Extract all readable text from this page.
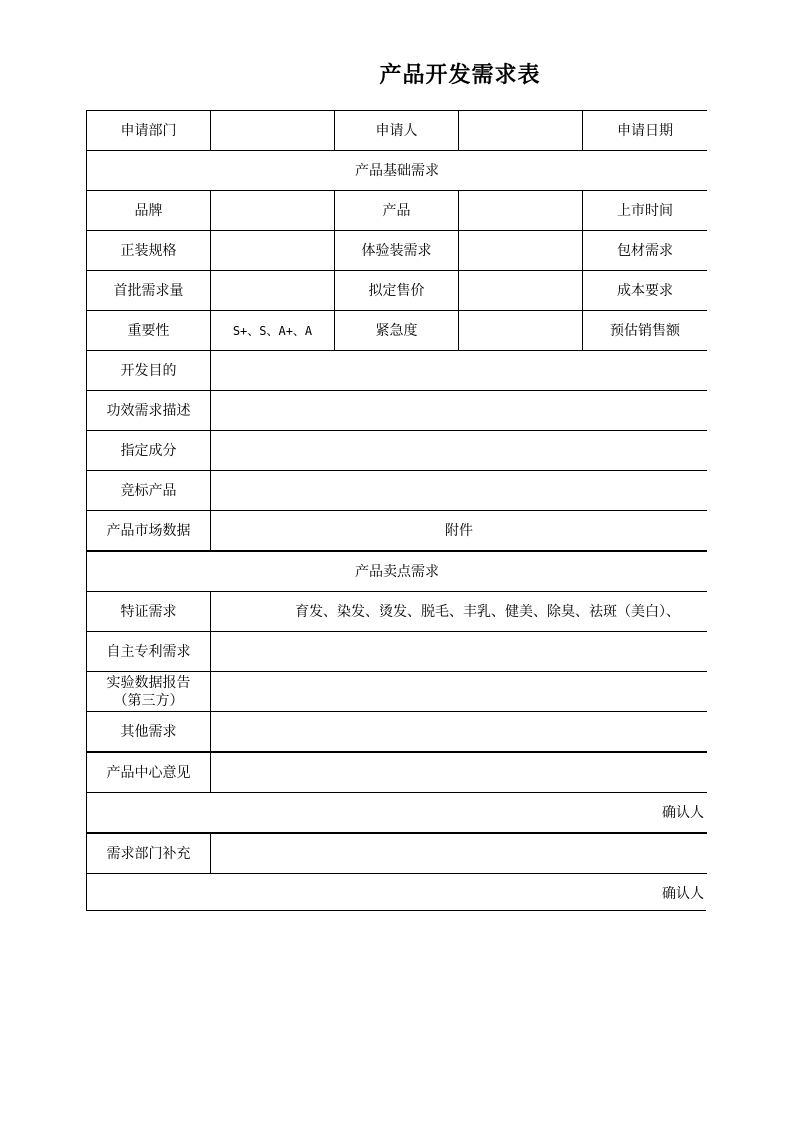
产品开发需求表
申请部门		申请人		申请日期
产品基础需求				
品牌		产品		上市时间
正装规格		体验装需求		包材需求
首批需求量		拟定售价		成本要求
重要性	S+、S、A+、A	紧急度		预估销售额
开发目的				
功效需求描述				
指定成分				
竞标产品				
产品市场数据	附件			
产品卖点需求				
特证需求	育发、染发、烫发、脱毛、丰乳、健美、除臭、祛斑（美白）、			
自主专利需求				
实验数据报告
（第三方）				
其他需求				
产品中心意见				
确认人				
需求部门补充				
确认人				
